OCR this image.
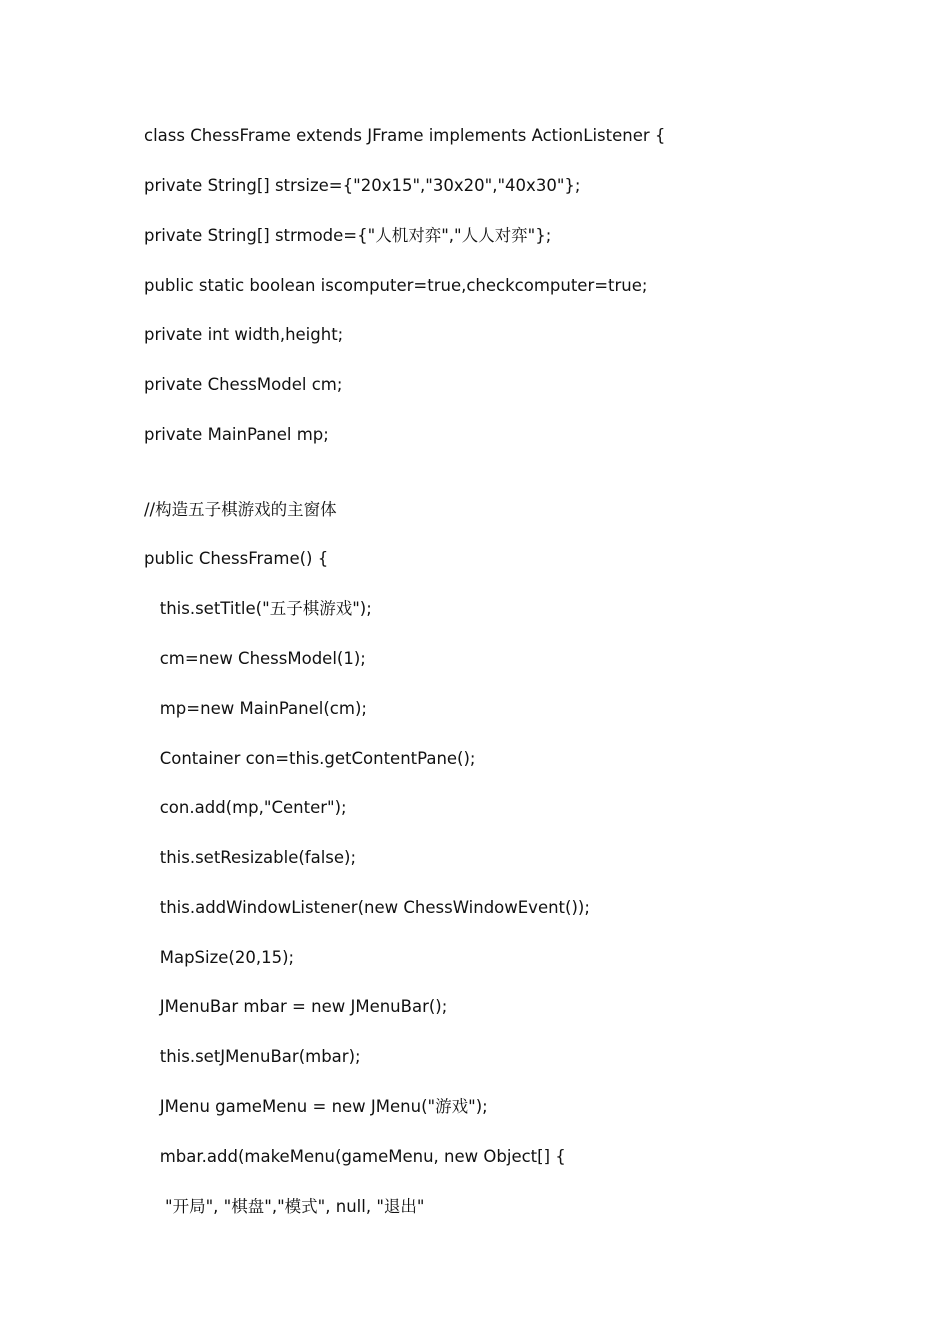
class ChessFrame extends JFrame implements ActionListener {

private String[] strsize={"20x15","30x20","40x30"};

private String[] strmode={"人机对弈","人人对弈"};

public static boolean iscomputer=true,checkcomputer=true;

private int width,height;

private ChessModel cm;

private MainPanel mp;

//构造五子棋游戏的主窗体

public ChessFrame() {

this.setTitle("五子棋游戏");

cm=new ChessModel(1);

mp=new MainPanel(cm);

Container con=this.getContentPane();

con.add(mp,"Center");

this.setResizable(false);

this.addWindowListener(new ChessWindowEvent());

MapSize(20,15);

JMenuBar mbar = new JMenuBar();

this.setJMenuBar(mbar);

JMenu gameMenu = new JMenu("游戏");

mbar.add(makeMenu(gameMenu, new Object[] {

"开局", "棋盘","模式", null, "退出"
